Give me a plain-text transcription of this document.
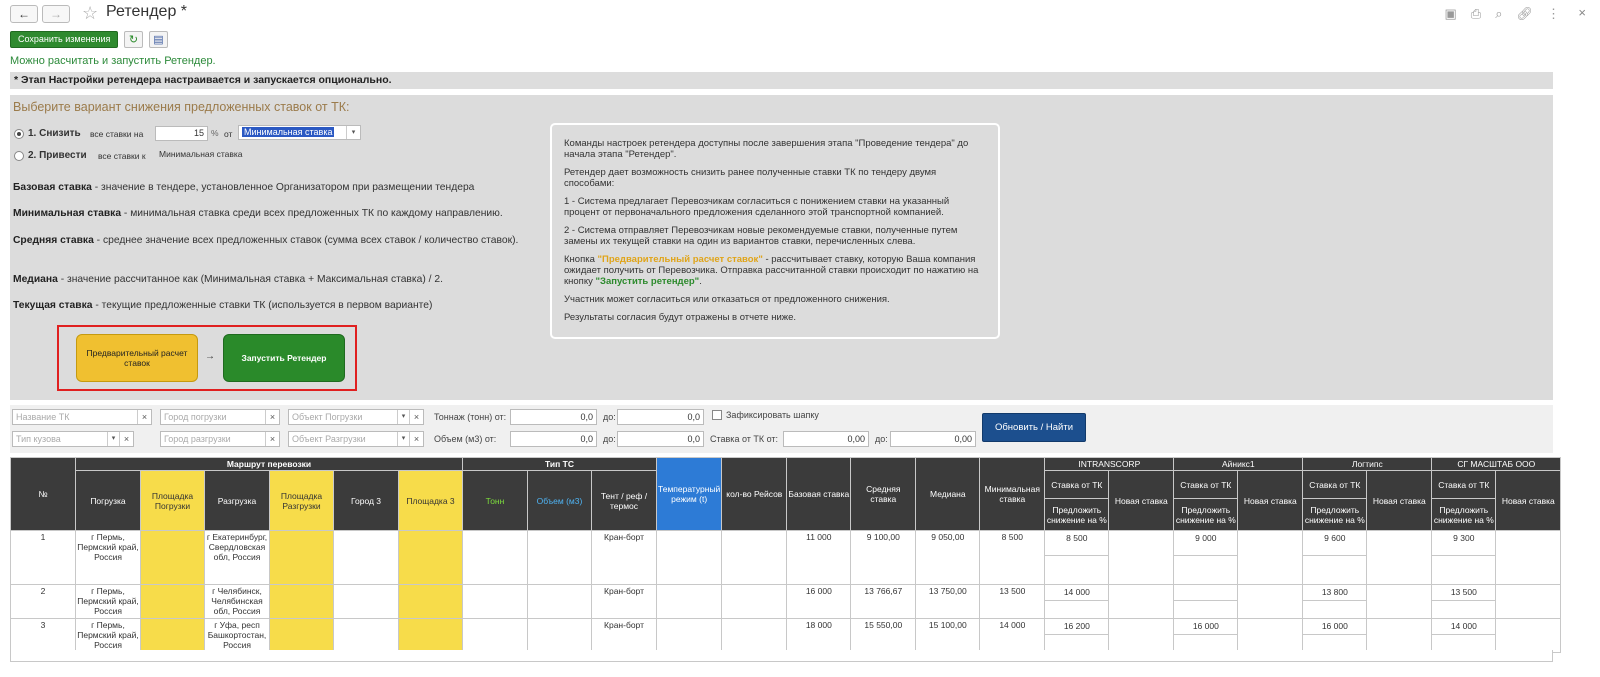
← → ☆ Ретендер *	▣ ⎙ ⌕ 🔗︎ ⋮ ×
Сохранить изменения	↻	▤
Можно расчитать и запустить Ретендер.
* Этап Настройки ретендера настраивается и запускается опционально.
Выберите вариант снижения предложенных ставок от ТК:
1. Снизить все ставки на	15 % от	Минимальная ставка	▾
2. Привести все ставки к	Минимальная ставка
Базовая ставка - значение в тендере, установленное Организатором при размещении тендера
Минимальная ставка - минимальная ставка среди всех предложенных ТК по каждому направлению.
Средняя ставка - среднее значение всех предложенных ставок (сумма всех ставок / количество ставок).
Медиана - значение рассчитанное как (Минимальная ставка + Максимальная ставка) / 2.
Текущая ставка - текущие предложенные ставки ТК (используется в первом варианте)
Предварительный расчет ставок
→	Запустить Ретендер

Команды настроек ретендера доступны после завершения этапа "Проведение тендера" до начала этапа "Ретендер".

Ретендер дает возможность снизить ранее полученные ставки ТК по тендеру двумя способами:

1 - Система предлагает Перевозчикам согласиться с понижением ставки на указанный процент от первоначального предложения сделанного этой транспортной компанией.

2 - Система отправляет Перевозчикам новые рекомендуемые ставки, полученные путем замены их текущей ставки на один из вариантов ставки, перечисленных слева.

Кнопка "Предварительный расчет ставок" - рассчитывает ставку, которую Ваша компания ожидает получить от Перевозчика. Отправка рассчитанной ставки происходит по нажатию на кнопку "Запустить ретендер".

Участник может согласиться или отказаться от предложенного снижения.

Результаты согласия будут отражены в отчете ниже.

Название ТК	×	Город погрузки	×	Объект Погрузки	▾ ×	Тоннаж (тонн) от:	0,0	до:	0,0	Зафиксировать шапку
Тип кузова	▾ ×	Город разгрузки	×	Объект Разгрузки	▾ ×	Объем (м3) от:	0,0	до:	0,0	Ставка от ТК от:	0,00	до:	0,00
Обновить / Найти
№	Маршрут перевозки						Тип ТС			Температурный режим (t)	кол-во Рейсов	Базовая ставка	Средняя ставка	Медиана	Минимальная ставка	INTRANSCORP		Айникс1		Логтипс		СГ МАСШТАБ ООО	
	Погрузка	Площадка Погрузки	Разгрузка	Площадка Разгрузки	Город 3	Площадка 3	Тонн	Объем (м3)	Тент / реф / термос							Ставка от ТК	Новая ставка	Ставка от ТК	Новая ставка	Ставка от ТК	Новая ставка	Ставка от ТК	Новая ставка
																Предложить снижение на %		Предложить снижение на %		Предложить снижение на %		Предложить снижение на %	
1	г Пермь, Пермский край, Россия		г Екатеринбург, Свердловская обл, Россия						Кран-борт			11 000	9 100,00	9 050,00	8 500	8 500		9 000		9 600		9 300	

2	г Пермь, Пермский край, Россия		г Челябинск, Челябинская обл, Россия						Кран-борт			16 000	13 766,67	13 750,00	13 500	14 000				13 800		13 500	

3	г Пермь, Пермский край, Россия		г Уфа, респ Башкортостан, Россия						Кран-борт			18 000	15 550,00	15 100,00	14 000	16 200		16 000		16 000		14 000	
